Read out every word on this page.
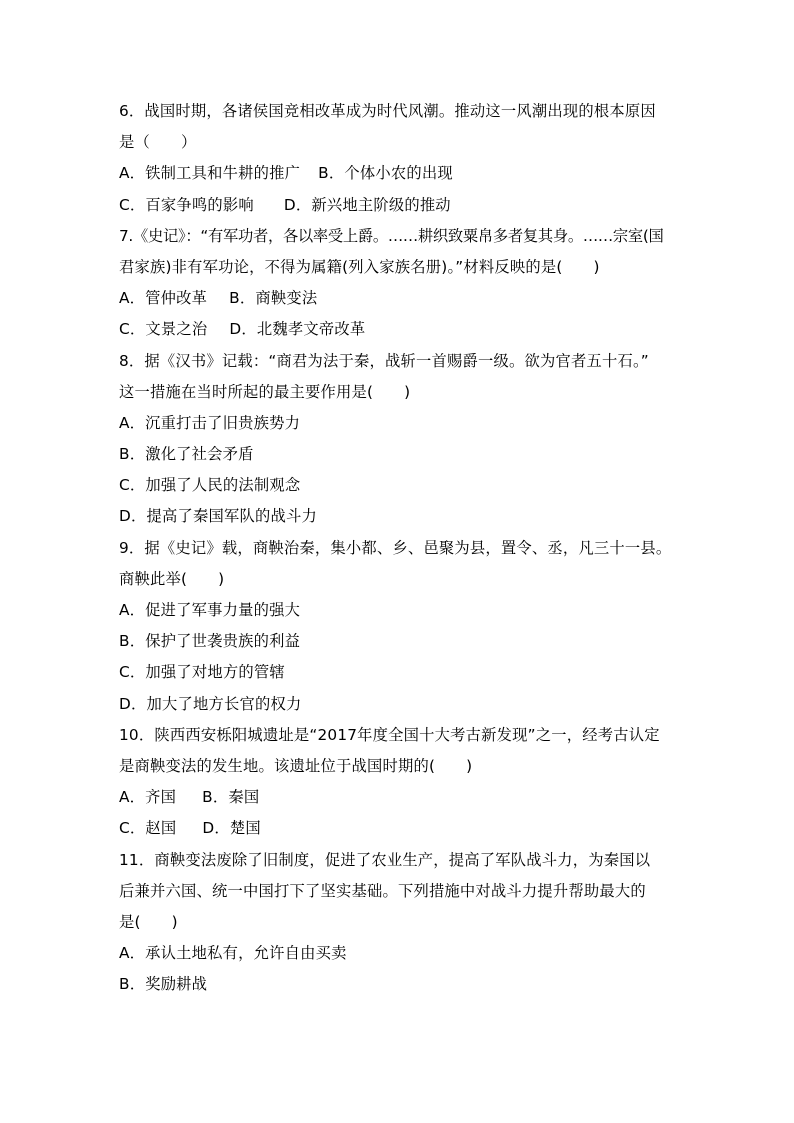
6．战国时期，各诸侯国竞相改革成为时代风潮。推动这一风潮出现的根本原因
是（　　）
A．铁制工具和牛耕的推广 B．个体小农的出现
C．百家争鸣的影响 D．新兴地主阶级的推动
7.《史记》：“有军功者，各以率受上爵。……耕织致粟帛多者复其身。……宗室(国
君家族)非有军功论，不得为属籍(列入家族名册)。”材料反映的是(　　)
A．管仲改革 B．商鞅变法
C．文景之治 D．北魏孝文帝改革
8．据《汉书》记载：“商君为法于秦，战斩一首赐爵一级。欲为官者五十石。”
这一措施在当时所起的最主要作用是(　　)
A．沉重打击了旧贵族势力
B．激化了社会矛盾
C．加强了人民的法制观念
D．提高了秦国军队的战斗力
9．据《史记》载，商鞅治秦，集小都、乡、邑聚为县，置令、丞，凡三十一县。
商鞅此举(　　)
A．促进了军事力量的强大
B．保护了世袭贵族的利益
C．加强了对地方的管辖
D．加大了地方长官的权力
10．陕西西安栎阳城遗址是“2017年度全国十大考古新发现”之一，经考古认定
是商鞅变法的发生地。该遗址位于战国时期的(　　)
A．齐国 B．秦国
C．赵国 D．楚国
11．商鞅变法废除了旧制度，促进了农业生产，提高了军队战斗力，为秦国以
后兼并六国、统一中国打下了坚实基础。下列措施中对战斗力提升帮助最大的
是(　　)
A．承认土地私有，允许自由买卖
B．奖励耕战
